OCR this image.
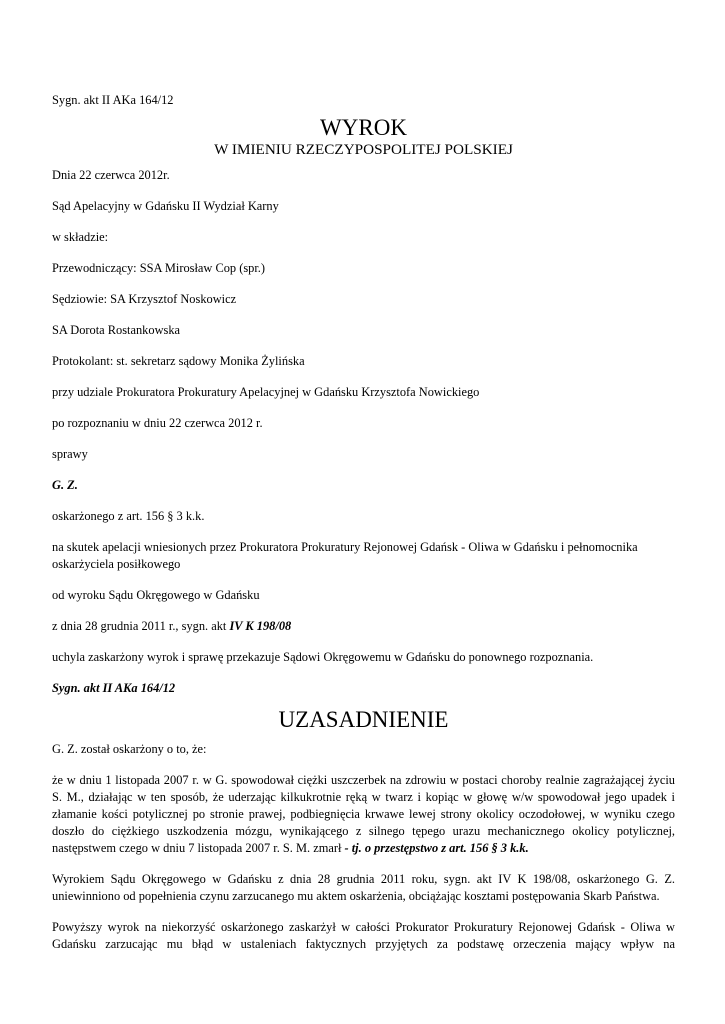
Sygn. akt II AKa 164/12

WYROK
W IMIENIU RZECZYPOSPOLITEJ POLSKIEJ

Dnia 22 czerwca 2012r.

Sąd Apelacyjny w Gdańsku II Wydział Karny

w składzie:

Przewodniczący: SSA Mirosław Cop (spr.)

Sędziowie: SA Krzysztof Noskowicz

SA Dorota Rostankowska

Protokolant: st. sekretarz sądowy Monika Żylińska

przy udziale Prokuratora Prokuratury Apelacyjnej w Gdańsku Krzysztofa Nowickiego

po rozpoznaniu w dniu 22 czerwca 2012 r.

sprawy

G. Z.

oskarżonego z art. 156 § 3 k.k.

na skutek apelacji wniesionych przez Prokuratora Prokuratury Rejonowej Gdańsk - Oliwa w Gdańsku i pełnomocnika oskarżyciela posiłkowego

od wyroku Sądu Okręgowego w Gdańsku

z dnia 28 grudnia 2011 r., sygn. akt IV K 198/08

uchyla zaskarżony wyrok i sprawę przekazuje Sądowi Okręgowemu w Gdańsku do ponownego rozpoznania.

Sygn. akt II AKa 164/12

UZASADNIENIE

G. Z. został oskarżony o to, że:

że w dniu 1 listopada 2007 r. w G. spowodował ciężki uszczerbek na zdrowiu w postaci choroby realnie zagrażającej życiu S. M., działając w ten sposób, że uderzając kilkukrotnie ręką w twarz i kopiąc w głowę w/w spowodował jego upadek i złamanie kości potylicznej po stronie prawej, podbiegnięcia krwawe lewej strony okolicy oczodołowej, w wyniku czego doszło do ciężkiego uszkodzenia mózgu, wynikającego z silnego tępego urazu mechanicznego okolicy potylicznej, następstwem czego w dniu 7 listopada 2007 r. S. M. zmarł - tj. o przestępstwo z art. 156 § 3 k.k.

Wyrokiem Sądu Okręgowego w Gdańsku z dnia 28 grudnia 2011 roku, sygn. akt IV K 198/08, oskarżonego G. Z. uniewinniono od popełnienia czynu zarzucanego mu aktem oskarżenia, obciążając kosztami postępowania Skarb Państwa.

Powyższy wyrok na niekorzyść oskarżonego zaskarżył w całości Prokurator Prokuratury Rejonowej Gdańsk - Oliwa w Gdańsku zarzucając mu błąd w ustaleniach faktycznych przyjętych za podstawę orzeczenia mający wpływ na
